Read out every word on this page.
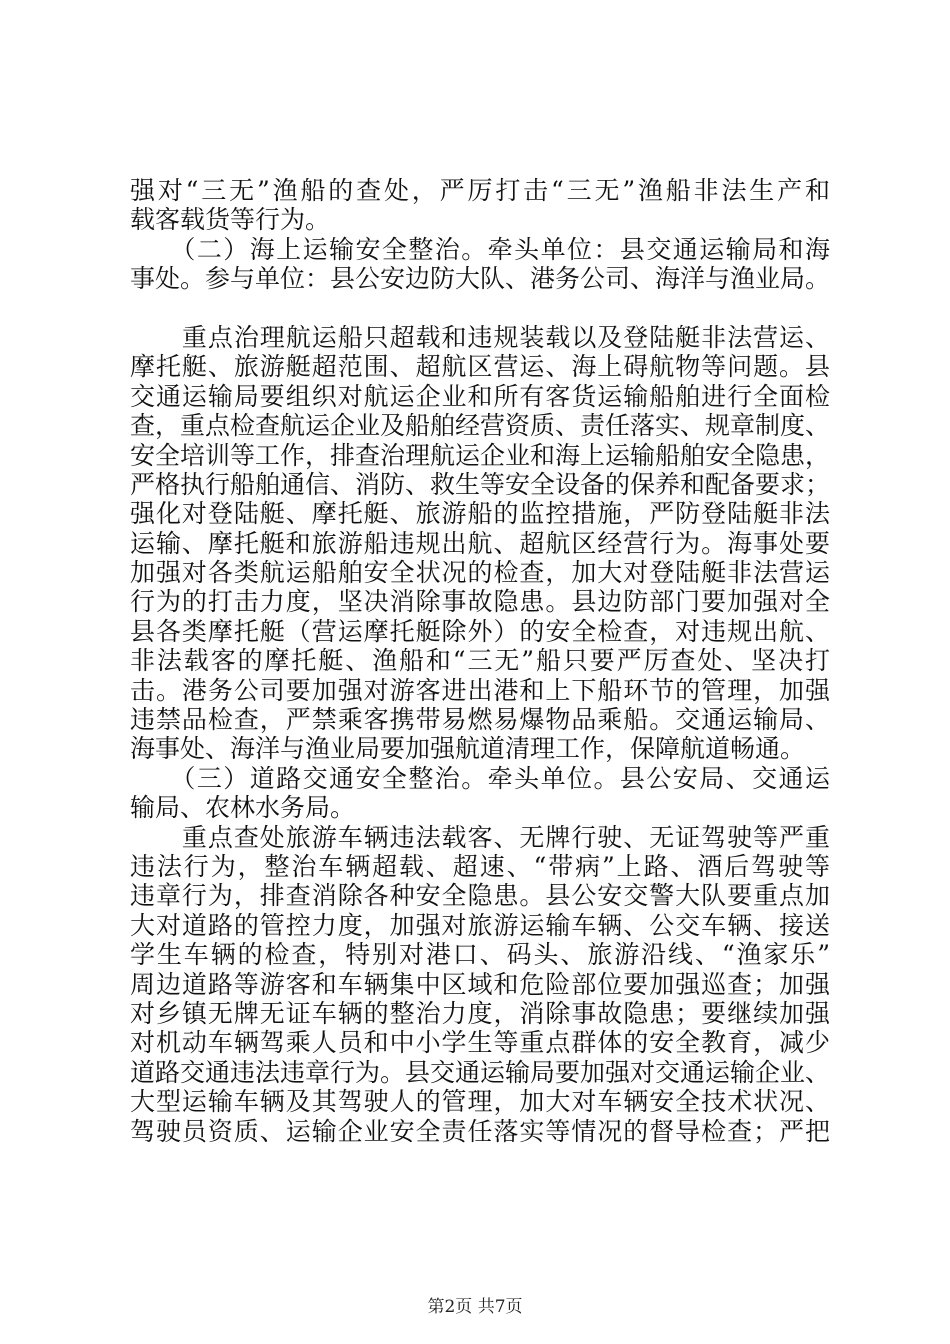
强对“三无”渔船的查处，严厉打击“三无”渔船非法生产和
载客载货等行为。
　　（二）海上运输安全整治。牵头单位：县交通运输局和海
事处。参与单位：县公安边防大队、港务公司、海洋与渔业局。
　　重点治理航运船只超载和违规装载以及登陆艇非法营运、
摩托艇、旅游艇超范围、超航区营运、海上碍航物等问题。县
交通运输局要组织对航运企业和所有客货运输船舶进行全面检
查，重点检查航运企业及船舶经营资质、责任落实、规章制度、
安全培训等工作，排查治理航运企业和海上运输船舶安全隐患，
严格执行船舶通信、消防、救生等安全设备的保养和配备要求；
强化对登陆艇、摩托艇、旅游船的监控措施，严防登陆艇非法
运输、摩托艇和旅游船违规出航、超航区经营行为。海事处要
加强对各类航运船舶安全状况的检查，加大对登陆艇非法营运
行为的打击力度，坚决消除事故隐患。县边防部门要加强对全
县各类摩托艇（营运摩托艇除外）的安全检查，对违规出航、
非法载客的摩托艇、渔船和“三无”船只要严厉查处、坚决打
击。港务公司要加强对游客进出港和上下船环节的管理，加强
违禁品检查，严禁乘客携带易燃易爆物品乘船。交通运输局、
海事处、海洋与渔业局要加强航道清理工作，保障航道畅通。
　　（三）道路交通安全整治。牵头单位。县公安局、交通运
输局、农林水务局。
　　重点查处旅游车辆违法载客、无牌行驶、无证驾驶等严重
违法行为，整治车辆超载、超速、“带病”上路、酒后驾驶等
违章行为，排查消除各种安全隐患。县公安交警大队要重点加
大对道路的管控力度，加强对旅游运输车辆、公交车辆、接送
学生车辆的检查，特别对港口、码头、旅游沿线、“渔家乐”
周边道路等游客和车辆集中区域和危险部位要加强巡查；加强
对乡镇无牌无证车辆的整治力度，消除事故隐患；要继续加强
对机动车辆驾乘人员和中小学生等重点群体的安全教育，减少
道路交通违法违章行为。县交通运输局要加强对交通运输企业、
大型运输车辆及其驾驶人的管理，加大对车辆安全技术状况、
驾驶员资质、运输企业安全责任落实等情况的督导检查；严把
第2页 共7页
